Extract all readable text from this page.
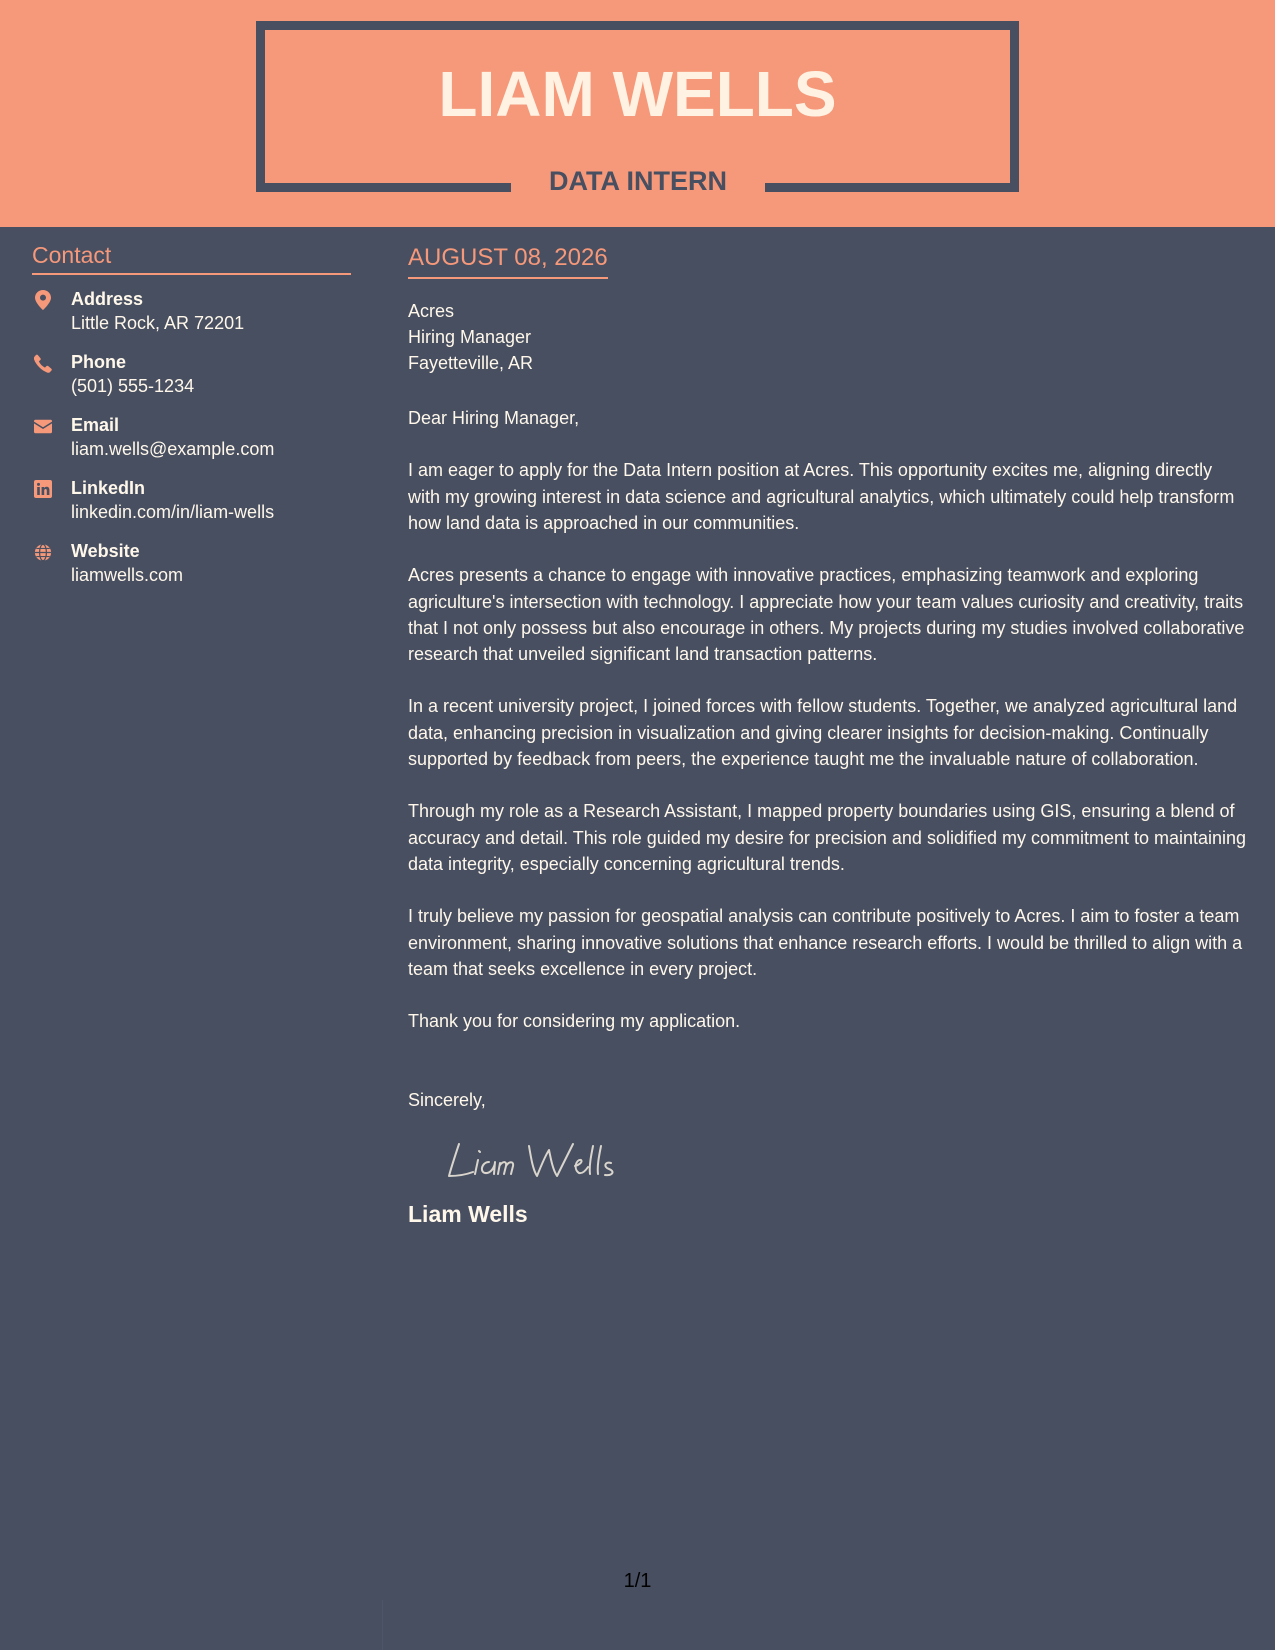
LIAM WELLS
DATA INTERN
Contact
Address
Little Rock, AR 72201
Phone
(501) 555-1234
Email
liam.wells@example.com
LinkedIn
linkedin.com/in/liam-wells
Website
liamwells.com
AUGUST 08, 2026
Acres
Hiring Manager
Fayetteville, AR
Dear Hiring Manager,

I am eager to apply for the Data Intern position at Acres. This opportunity excites me, aligning directly with my growing interest in data science and agricultural analytics, which ultimately could help transform how land data is approached in our communities.

Acres presents a chance to engage with innovative practices, emphasizing teamwork and exploring agriculture's intersection with technology. I appreciate how your team values curiosity and creativity, traits that I not only possess but also encourage in others. My projects during my studies involved collaborative research that unveiled significant land transaction patterns.

In a recent university project, I joined forces with fellow students. Together, we analyzed agricultural land data, enhancing precision in visualization and giving clearer insights for decision-making. Continually supported by feedback from peers, the experience taught me the invaluable nature of collaboration.

Through my role as a Research Assistant, I mapped property boundaries using GIS, ensuring a blend of accuracy and detail. This role guided my desire for precision and solidified my commitment to maintaining data integrity, especially concerning agricultural trends.

I truly believe my passion for geospatial analysis can contribute positively to Acres. I aim to foster a team environment, sharing innovative solutions that enhance research efforts. I would be thrilled to align with a team that seeks excellence in every project.

Thank you for considering my application.

Sincerely,
Liam Wells
1/1
